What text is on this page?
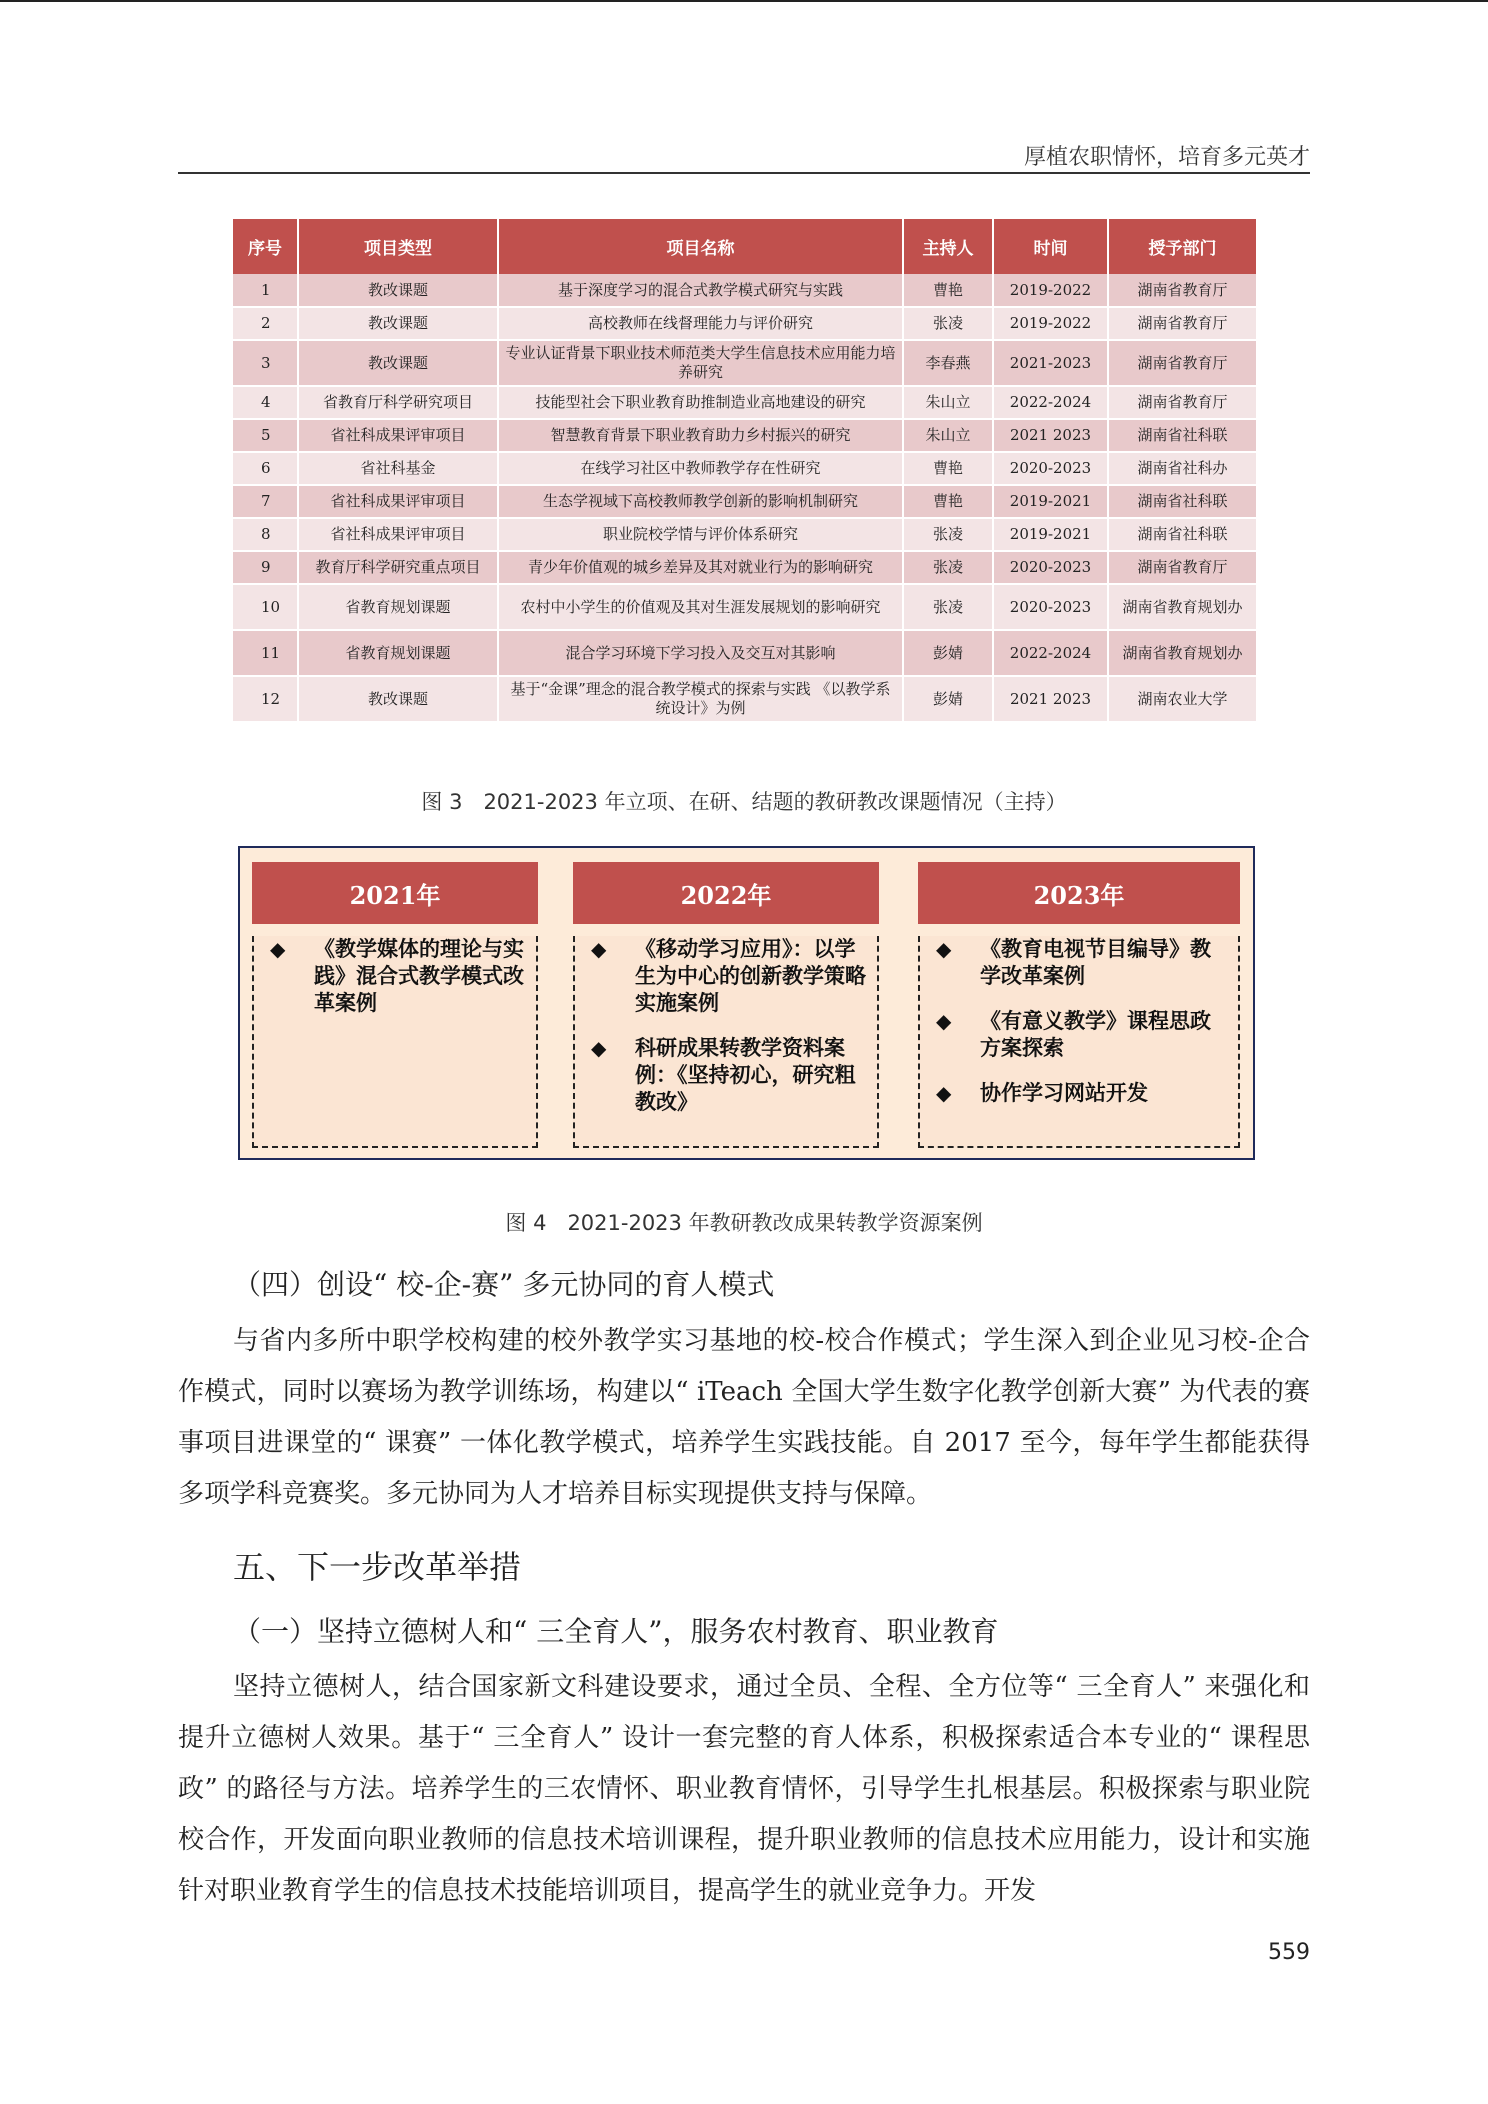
厚植农职情怀，培育多元英才
序号	项目类型	项目名称	主持人	时间	授予部门
1	教改课题	基于深度学习的混合式教学模式研究与实践	曹艳	2019-2022	湖南省教育厅
2	教改课题	高校教师在线督理能力与评价研究	张凌	2019-2022	湖南省教育厅
3	教改课题	专业认证背景下职业技术师范类大学生信息技术应用能力培养研究	李春燕	2021-2023	湖南省教育厅
4	省教育厅科学研究项目	技能型社会下职业教育助推制造业高地建设的研究	朱山立	2022-2024	湖南省教育厅
5	省社科成果评审项目	智慧教育背景下职业教育助力乡村振兴的研究	朱山立	2021 2023	湖南省社科联
6	省社科基金	在线学习社区中教师教学存在性研究	曹艳	2020-2023	湖南省社科办
7	省社科成果评审项目	生态学视域下高校教师教学创新的影响机制研究	曹艳	2019-2021	湖南省社科联
8	省社科成果评审项目	职业院校学情与评价体系研究	张凌	2019-2021	湖南省社科联
9	教育厅科学研究重点项目	青少年价值观的城乡差异及其对就业行为的影响研究	张凌	2020-2023	湖南省教育厅
10	省教育规划课题	农村中小学生的价值观及其对生涯发展规划的影响研究	张凌	2020-2023	湖南省教育规划办
11	省教育规划课题	混合学习环境下学习投入及交互对其影响	彭婧	2022-2024	湖南省教育规划办
12	教改课题	基于“金课”理念的混合教学模式的探索与实践 《以教学系统设计》为例	彭婧	2021 2023	湖南农业大学
图 3　2021-2023 年立项、在研、结题的教研教改课题情况（主持）
2021年
◆ 《教学媒体的理论与实践》混合式教学模式改革案例
2022年
◆ 《移动学习应用》：以学生为中心的创新教学策略实施案例
◆ 科研成果转教学资料案例：《坚持初心，研究粗教改》
2023年
◆ 《教育电视节目编导》教学改革案例
◆ 《有意义教学》课程思政方案探索
◆ 协作学习网站开发
图 4　2021-2023 年教研教改成果转教学资源案例
（四）创设“ 校-企-赛” 多元协同的育人模式
与省内多所中职学校构建的校外教学实习基地的校-校合作模式；学生深入到企业见习校-企合作模式，同时以赛场为教学训练场，构建以“ iTeach 全国大学生数字化教学创新大赛” 为代表的赛事项目进课堂的“ 课赛” 一体化教学模式，培养学生实践技能。自 2017 至今，每年学生都能获得多项学科竞赛奖。多元协同为人才培养目标实现提供支持与保障。
五、下一步改革举措
（一）坚持立德树人和“ 三全育人”，服务农村教育、职业教育
坚持立德树人，结合国家新文科建设要求，通过全员、全程、全方位等“ 三全育人” 来强化和提升立德树人效果。基于“ 三全育人” 设计一套完整的育人体系，积极探索适合本专业的“ 课程思政” 的路径与方法。培养学生的三农情怀、职业教育情怀，引导学生扎根基层。积极探索与职业院校合作，开发面向职业教师的信息技术培训课程，提升职业教师的信息技术应用能力，设计和实施针对职业教育学生的信息技术技能培训项目，提高学生的就业竞争力。开发
559
